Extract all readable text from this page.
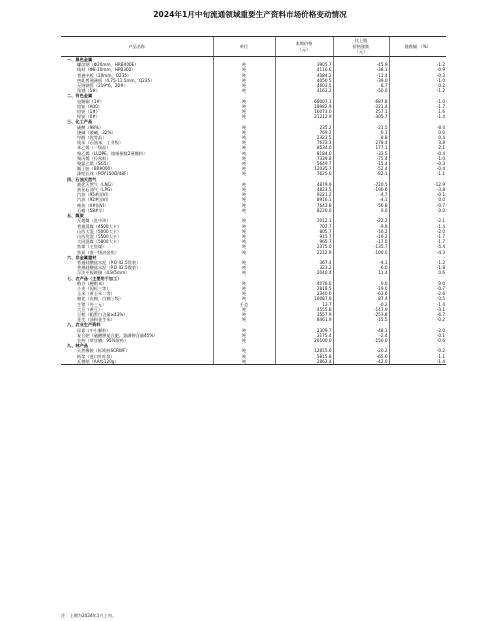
2024年1月中旬流通领域重要生产资料市场价格变动情况
产品名称	单位	本期价格
（元）	比上期
价格涨跌
（元）	涨跌幅 （%）
一、黑色金属				
螺纹钢（Φ20mm，HRB400E）	吨	3905.7	-45.9	-1.2
线材（Φ8-10mm，HPB300）	吨	4116.6	-38.1	-0.9
普通中板（20mm，Q235）	吨	4084.2	-11.4	-0.3
热轧普通薄板（4.75-11.5mm，Q235）	吨	4050.5	-39.0	-1.0
无缝钢管（219*6，20#）	吨	4603.5	8.7	0.2
角钢（5#）	吨	4163.2	-50.0	-1.2
二、有色金属				
电解铜（1#）	吨	68007.1	-687.8	-1.0
铝锭（A00）	吨	18982.9	-321.4	-1.7
铅锭（1#）	吨	16073.0	257.1	1.6
锌锭（0#）	吨	21212.9	-305.7	-1.4
三、化工产品				
硫酸（98%）	吨	235.2	-21.5	-8.4
烧碱（液碱，32%）	吨	769.2	0.1	0.0
甲醇（优等品）	吨	2323.5	8.8	0.4
纯苯（石油苯，工业级）	吨	7673.3	278.4	3.8
苯乙烯（一级品）	吨	8534.0	177.1	2.1
聚乙烯（LLDPE，熔指指数2薄膜料）	吨	8184.0	-33.5	-0.4
聚丙烯（拉丝料）	吨	7339.8	-75.4	-1.0
聚氯乙烯（SG5）	吨	5649.7	-15.4	-0.3
顺丁胶（BR9000）	吨	12035.7	-52.4	-0.4
涤纶长丝（POY150D/48F）	吨	7625.0	-82.1	-1.1
四、石油天然气				
液化天然气（LNG）	吨	4879.9	-720.5	-12.9
液化石油气（LPG）	吨	4823.5	-190.6	-3.8
汽油（95#国VI）	吨	9221.2	-4.7	-0.1
汽油（92#国VI）	吨	8916.1	-4.1	0.0
柴油（0#国VI）	吨	7643.8	-56.8	-0.7
石蜡（58#半）	吨	8220.0	0.0	0.0
五、煤炭				
无烟煤（洗中块）	吨	1012.1	-22.2	-2.1
普通混煤（4500大卡）	吨	702.7	-9.9	-1.4
山西大混（5000大卡）	吨	805.7	-16.2	-2.0
山西优混（5500大卡）	吨	915.7	-16.2	-1.7
大同混煤（5800大卡）	吨	965.7	-17.0	-1.7
焦煤（主焦煤）	吨	2375.0	-135.7	-5.4
焦炭（准一级冶金焦）	吨	2212.9	-100.0	-4.3
六、非金属建材				
普通硅酸盐水泥（P.O 42.5袋装）	吨	367.4	-4.3	-1.2
普通硅酸盐水泥（P.O 42.5散装）	吨	323.2	-6.0	-1.8
浮法平板玻璃（4.8/5mm）	吨	2040.4	11.4	0.6
七、农产品（主要用于加工）				
稻谷（粳稻米）	吨	4076.0	0.0	0.0
小麦（国标三等）	吨	2818.5	-19.0	-0.7
玉米（黄玉米二等）	吨	2340.0	-63.6	-2.6
棉花（皮棉，白棉三级）	吨	16087.9	87.4	0.5
生猪（外三元）	千克	13.7	-0.2	-1.4
大豆（黄豆）	吨	4555.8	-147.9	-3.1
豆粕（粗蛋白含量≥43%）	吨	3557.9	-253.8	-6.7
花生（油料花生米）	吨	8461.9	-15.5	-0.2
八、农业生产资料				
尿素（中小颗粒）	吨	2309.7	-48.1	-2.0
复合肥（硫酸钾复合肥，氮磷钾含量45%）	吨	3175.4	-2.4	-0.1
农药（草甘膦，95%原药）	吨	26100.0	-150.0	-0.6
九、林产品				
天然橡胶（标准胶SCRWF）	吨	12815.6	-20.2	-0.2
纸浆（进口针叶浆）	吨	5815.8	-65.6	-1.1
瓦楞纸（AA级120g）	吨	2862.4	-42.0	-1.4
注：上期为2024年1月上旬。
